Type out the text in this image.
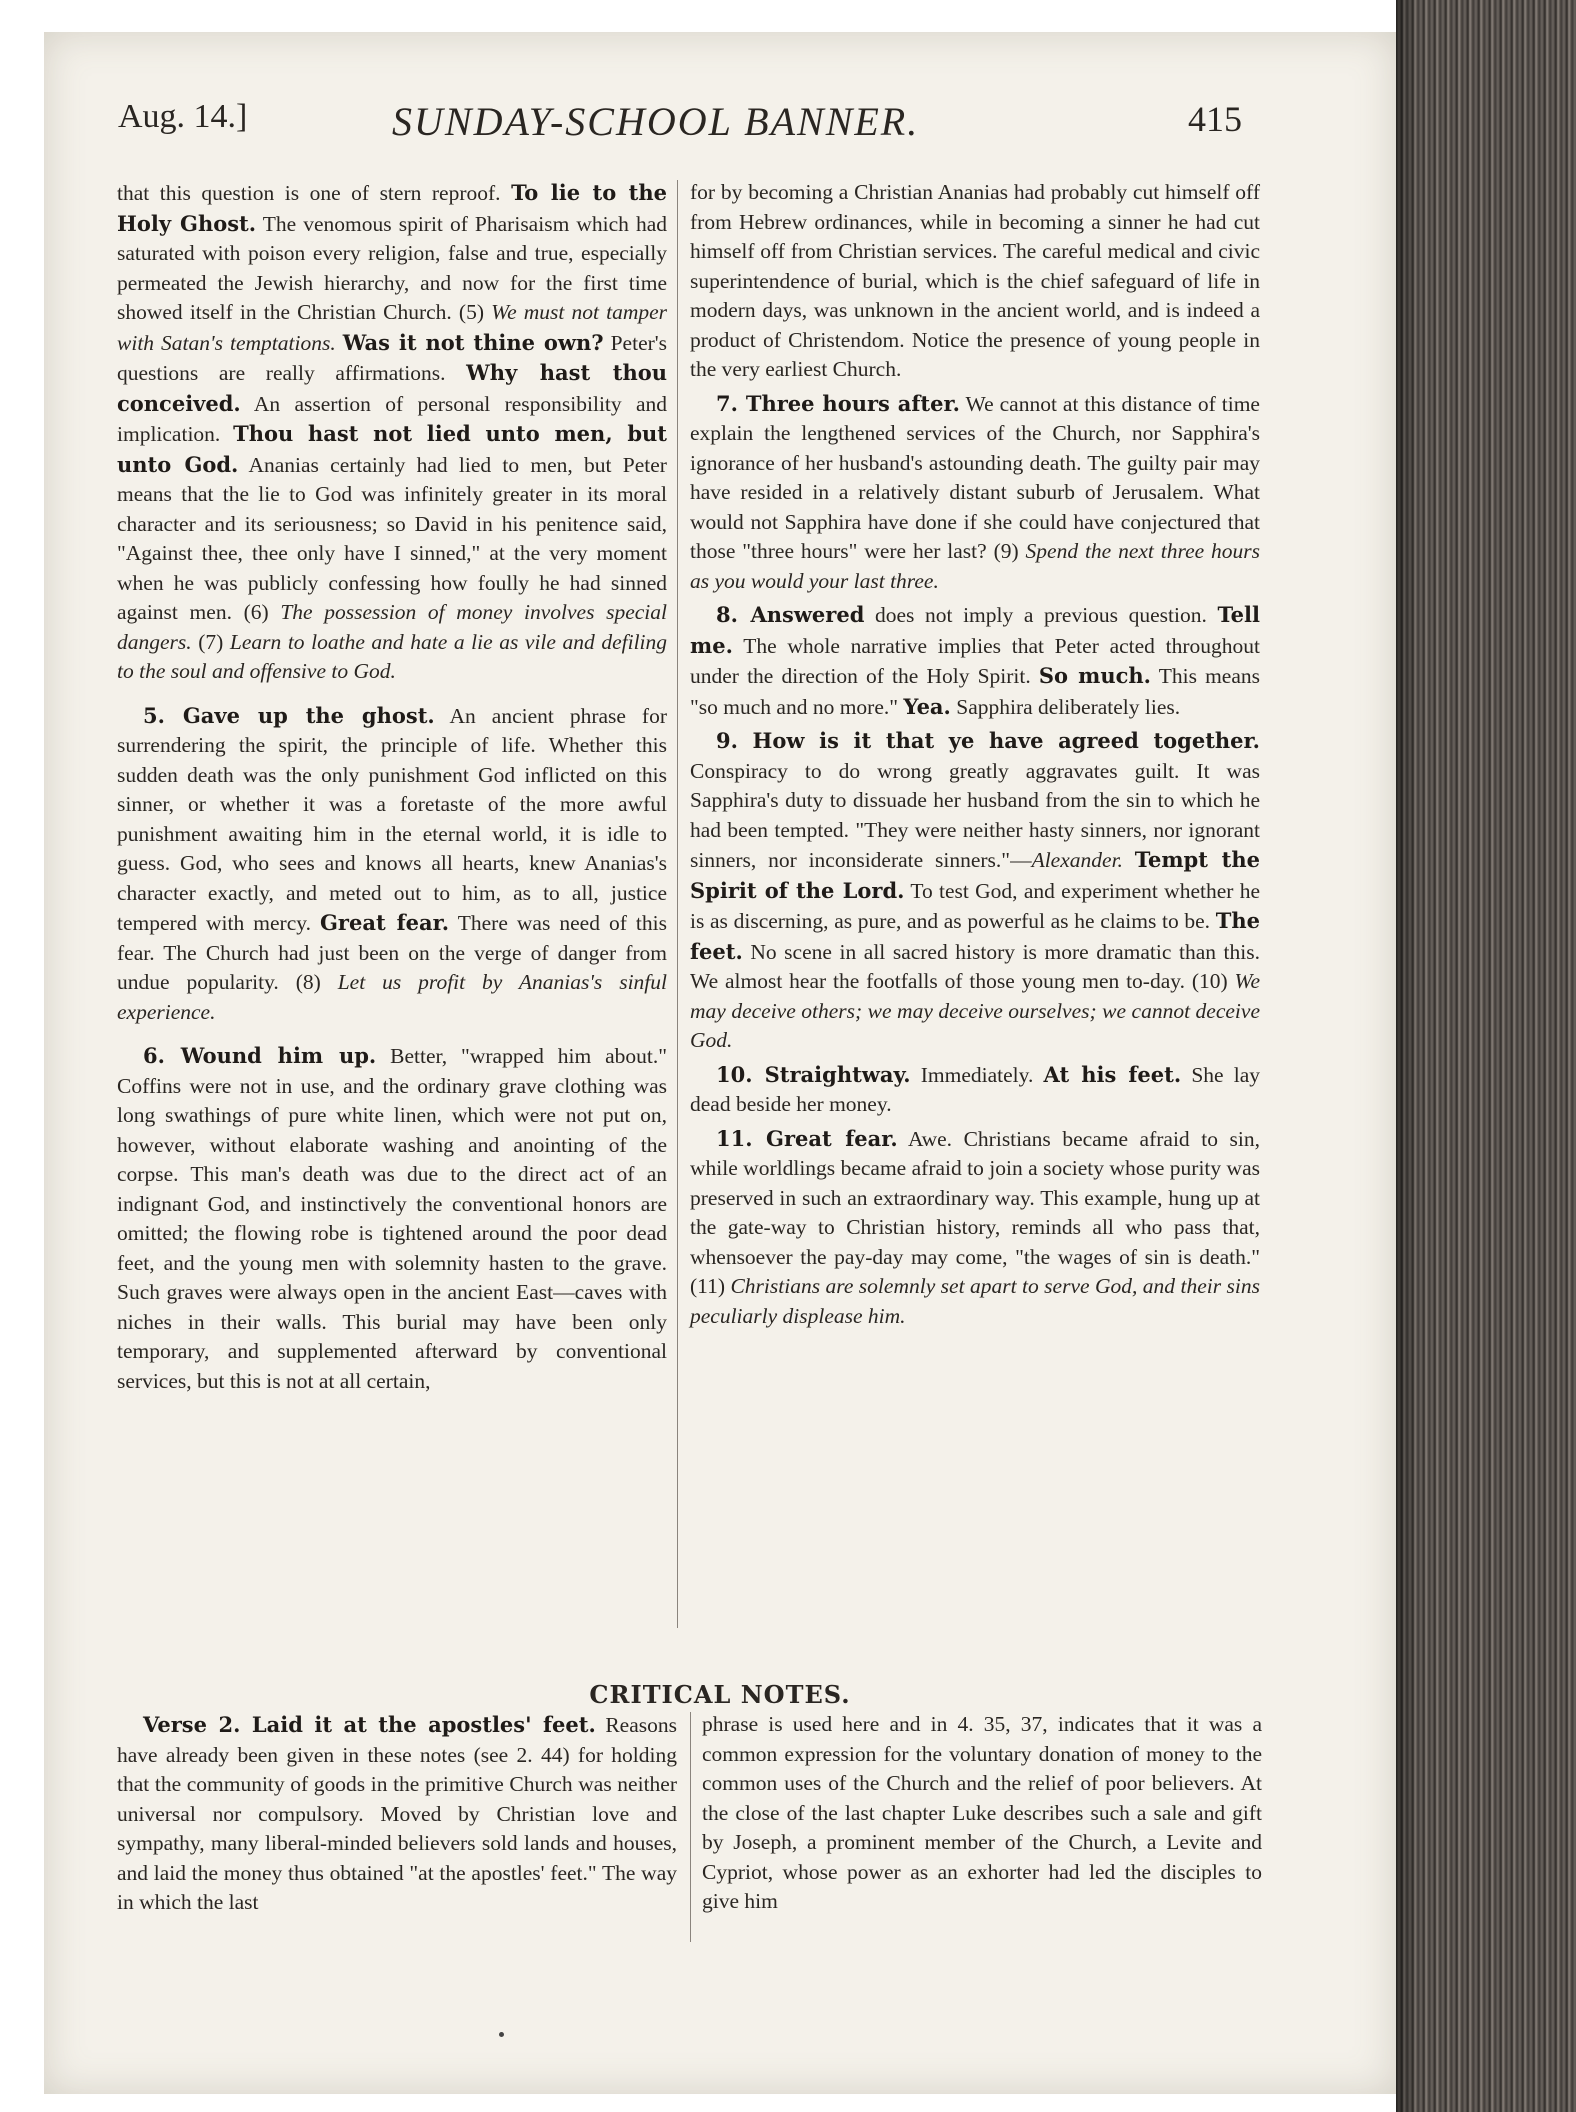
CRITICAL NOTES.
Aug. 14.]	SUNDAY-SCHOOL BANNER.	415

that this question is one of stern reproof. To lie to the Holy Ghost. The venomous spirit of Pharisaism which had saturated with poison every religion, false and true, especially permeated the Jewish hierarchy, and now for the first time showed itself in the Christian Church. (5) We must not tamper with Satan's temptations. Was it not thine own? Peter's questions are really affirmations. Why hast thou conceived. An assertion of personal responsibility and implication. Thou hast not lied unto men, but unto God. Ananias certainly had lied to men, but Peter means that the lie to God was infinitely greater in its moral character and its seriousness; so David in his penitence said, "Against thee, thee only have I sinned," at the very moment when he was publicly confessing how foully he had sinned against men. (6) The possession of money involves special dangers. (7) Learn to loathe and hate a lie as vile and defiling to the soul and offensive to God.

5. Gave up the ghost. An ancient phrase for surrendering the spirit, the principle of life. Whether this sudden death was the only punishment God inflicted on this sinner, or whether it was a foretaste of the more awful punishment awaiting him in the eternal world, it is idle to guess. God, who sees and knows all hearts, knew Ananias's character exactly, and meted out to him, as to all, justice tempered with mercy. Great fear. There was need of this fear. The Church had just been on the verge of danger from undue popularity. (8) Let us profit by Ananias's sinful experience.

6. Wound him up. Better, "wrapped him about." Coffins were not in use, and the ordinary grave clothing was long swathings of pure white linen, which were not put on, however, without elaborate washing and anointing of the corpse. This man's death was due to the direct act of an indignant God, and instinctively the conventional honors are omitted; the flowing robe is tightened around the poor dead feet, and the young men with solemnity hasten to the grave. Such graves were always open in the ancient East—caves with niches in their walls. This burial may have been only temporary, and supplemented afterward by conventional services, but this is not at all certain,

for by becoming a Christian Ananias had probably cut himself off from Hebrew ordinances, while in becoming a sinner he had cut himself off from Christian services. The careful medical and civic superintendence of burial, which is the chief safeguard of life in modern days, was unknown in the ancient world, and is indeed a product of Christendom. Notice the presence of young people in the very earliest Church.

7. Three hours after. We cannot at this distance of time explain the lengthened services of the Church, nor Sapphira's ignorance of her husband's astounding death. The guilty pair may have resided in a relatively distant suburb of Jerusalem. What would not Sapphira have done if she could have conjectured that those "three hours" were her last? (9) Spend the next three hours as you would your last three.

8. Answered does not imply a previous question. Tell me. The whole narrative implies that Peter acted throughout under the direction of the Holy Spirit. So much. This means "so much and no more." Yea. Sapphira deliberately lies.

9. How is it that ye have agreed together. Conspiracy to do wrong greatly aggravates guilt. It was Sapphira's duty to dissuade her husband from the sin to which he had been tempted. "They were neither hasty sinners, nor ignorant sinners, nor inconsiderate sinners."—Alexander. Tempt the Spirit of the Lord. To test God, and experiment whether he is as discerning, as pure, and as powerful as he claims to be. The feet. No scene in all sacred history is more dramatic than this. We almost hear the footfalls of those young men to-day. (10) We may deceive others; we may deceive ourselves; we cannot deceive God.

10. Straightway. Immediately. At his feet. She lay dead beside her money.

11. Great fear. Awe. Christians became afraid to sin, while worldlings became afraid to join a society whose purity was preserved in such an extraordinary way. This example, hung up at the gate-way to Christian history, reminds all who pass that, whensoever the pay-day may come, "the wages of sin is death." (11) Christians are solemnly set apart to serve God, and their sins peculiarly displease him.

Verse 2. Laid it at the apostles' feet. Reasons have already been given in these notes (see 2. 44) for holding that the community of goods in the primitive Church was neither universal nor compulsory. Moved by Christian love and sympathy, many liberal-minded believers sold lands and houses, and laid the money thus obtained "at the apostles' feet." The way in which the last

phrase is used here and in 4. 35, 37, indicates that it was a common expression for the voluntary donation of money to the common uses of the Church and the relief of poor believers. At the close of the last chapter Luke describes such a sale and gift by Joseph, a prominent member of the Church, a Levite and Cypriot, whose power as an exhorter had led the disciples to give him
